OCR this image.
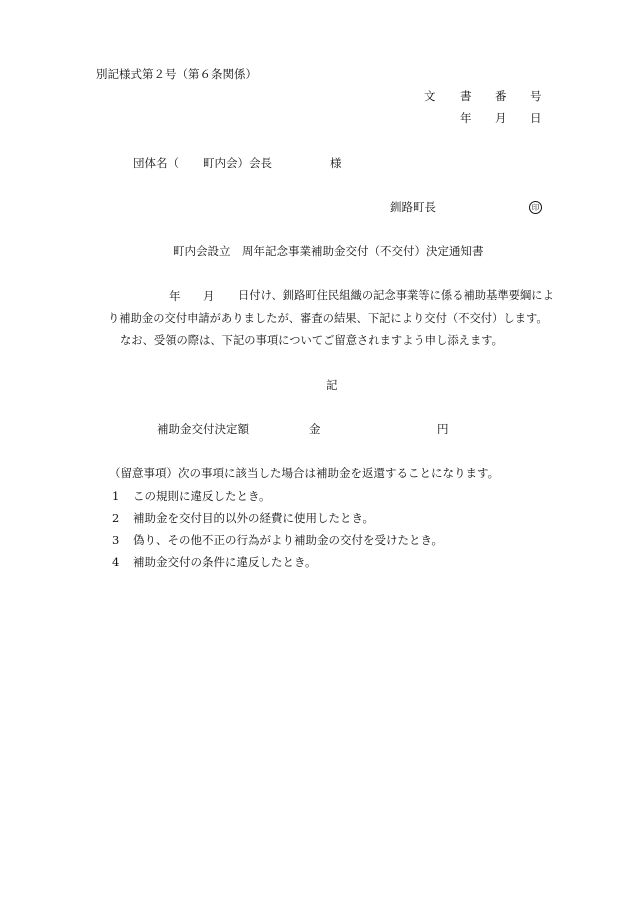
別記様式第２号（第６条関係）
文 書 番 号
年 月 日
団体名（ 町内会）会長	様
釧路町長	印
町内会設立　周年記念事業補助金交付（不交付）決定通知書
年 月 日付け、釧路町住民組織の記念事業等に係る補助基準要綱によ
り補助金の交付申請がありましたが、審査の結果、下記により交付（不交付）します。
なお、受領の際は、下記の事項についてご留意されますよう申し添えます。
記
補助金交付決定額	金	円
（留意事項）次の事項に該当した場合は補助金を返還することになります。
1 この規則に違反したとき。
2 補助金を交付目的以外の経費に使用したとき。
3 偽り、その他不正の行為がより補助金の交付を受けたとき。
4 補助金交付の条件に違反したとき。
